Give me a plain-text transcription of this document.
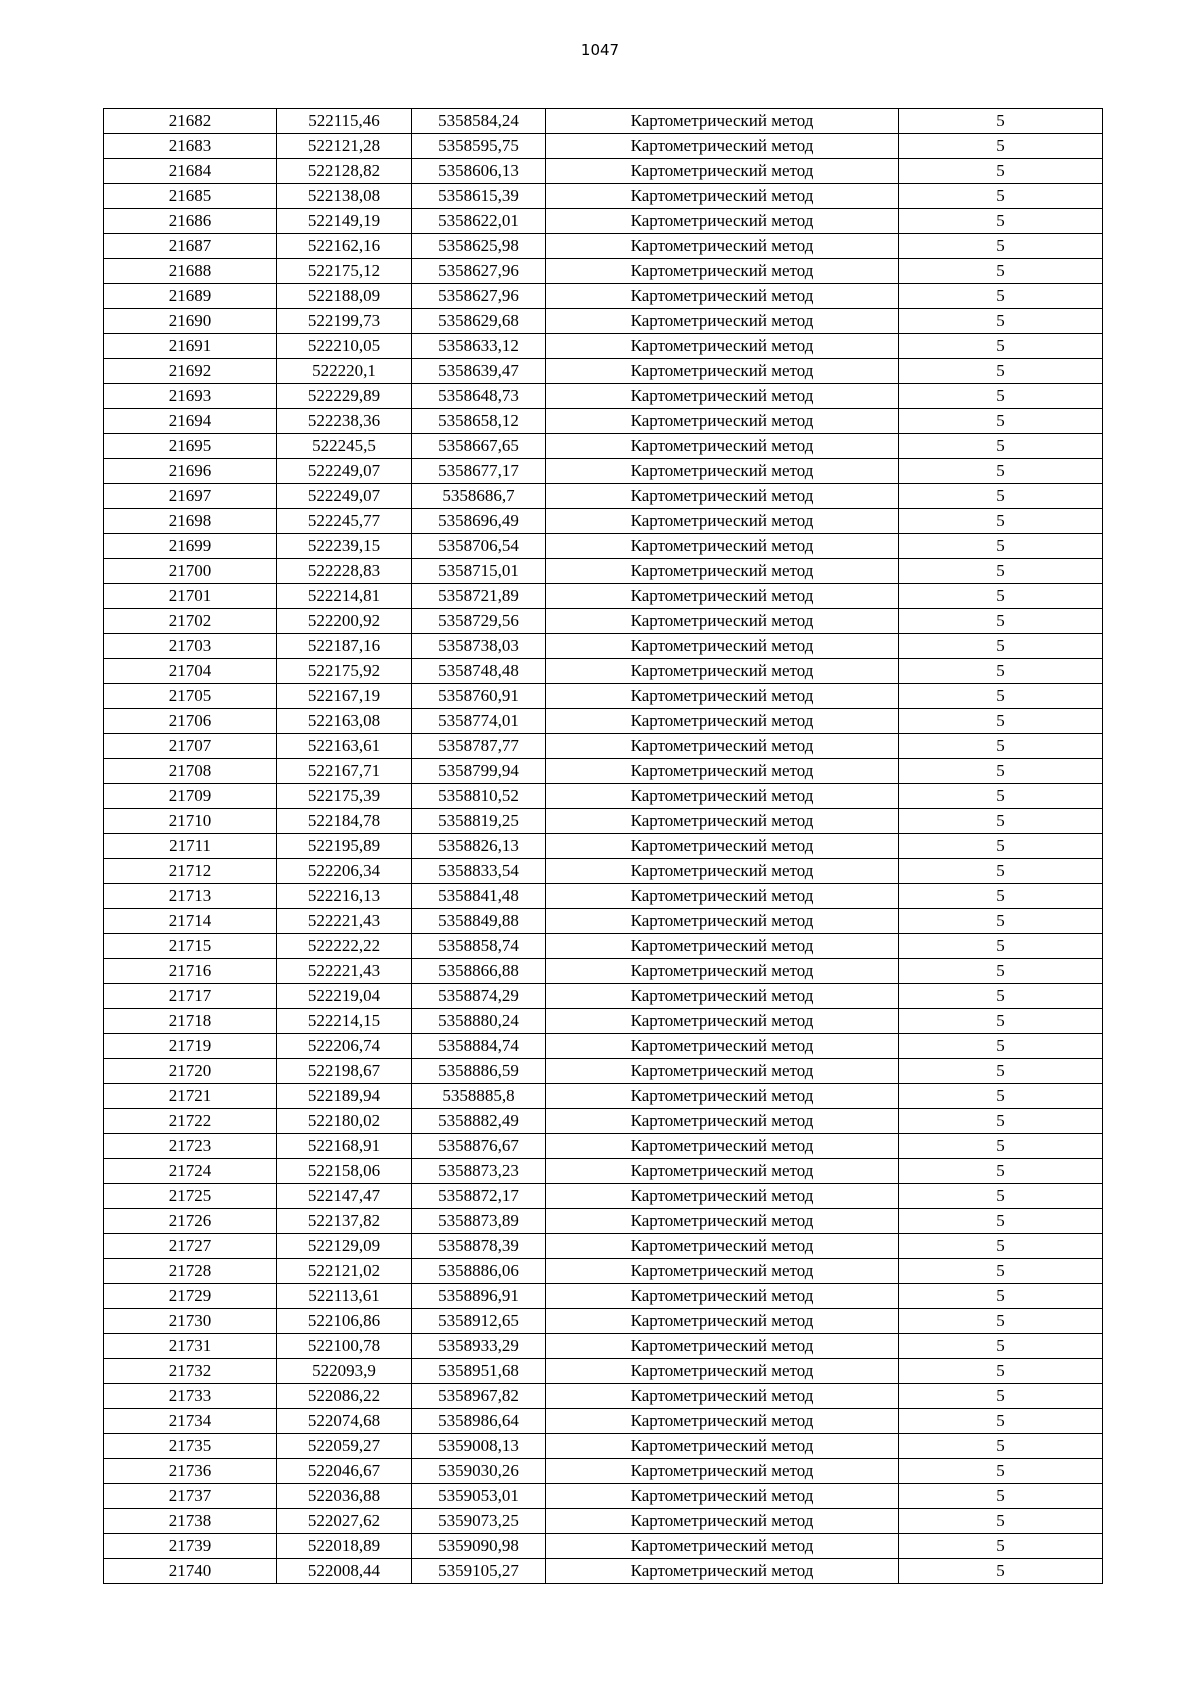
1047
21682	522115,46	5358584,24	Картометрический метод	5
21683	522121,28	5358595,75	Картометрический метод	5
21684	522128,82	5358606,13	Картометрический метод	5
21685	522138,08	5358615,39	Картометрический метод	5
21686	522149,19	5358622,01	Картометрический метод	5
21687	522162,16	5358625,98	Картометрический метод	5
21688	522175,12	5358627,96	Картометрический метод	5
21689	522188,09	5358627,96	Картометрический метод	5
21690	522199,73	5358629,68	Картометрический метод	5
21691	522210,05	5358633,12	Картометрический метод	5
21692	522220,1	5358639,47	Картометрический метод	5
21693	522229,89	5358648,73	Картометрический метод	5
21694	522238,36	5358658,12	Картометрический метод	5
21695	522245,5	5358667,65	Картометрический метод	5
21696	522249,07	5358677,17	Картометрический метод	5
21697	522249,07	5358686,7	Картометрический метод	5
21698	522245,77	5358696,49	Картометрический метод	5
21699	522239,15	5358706,54	Картометрический метод	5
21700	522228,83	5358715,01	Картометрический метод	5
21701	522214,81	5358721,89	Картометрический метод	5
21702	522200,92	5358729,56	Картометрический метод	5
21703	522187,16	5358738,03	Картометрический метод	5
21704	522175,92	5358748,48	Картометрический метод	5
21705	522167,19	5358760,91	Картометрический метод	5
21706	522163,08	5358774,01	Картометрический метод	5
21707	522163,61	5358787,77	Картометрический метод	5
21708	522167,71	5358799,94	Картометрический метод	5
21709	522175,39	5358810,52	Картометрический метод	5
21710	522184,78	5358819,25	Картометрический метод	5
21711	522195,89	5358826,13	Картометрический метод	5
21712	522206,34	5358833,54	Картометрический метод	5
21713	522216,13	5358841,48	Картометрический метод	5
21714	522221,43	5358849,88	Картометрический метод	5
21715	522222,22	5358858,74	Картометрический метод	5
21716	522221,43	5358866,88	Картометрический метод	5
21717	522219,04	5358874,29	Картометрический метод	5
21718	522214,15	5358880,24	Картометрический метод	5
21719	522206,74	5358884,74	Картометрический метод	5
21720	522198,67	5358886,59	Картометрический метод	5
21721	522189,94	5358885,8	Картометрический метод	5
21722	522180,02	5358882,49	Картометрический метод	5
21723	522168,91	5358876,67	Картометрический метод	5
21724	522158,06	5358873,23	Картометрический метод	5
21725	522147,47	5358872,17	Картометрический метод	5
21726	522137,82	5358873,89	Картометрический метод	5
21727	522129,09	5358878,39	Картометрический метод	5
21728	522121,02	5358886,06	Картометрический метод	5
21729	522113,61	5358896,91	Картометрический метод	5
21730	522106,86	5358912,65	Картометрический метод	5
21731	522100,78	5358933,29	Картометрический метод	5
21732	522093,9	5358951,68	Картометрический метод	5
21733	522086,22	5358967,82	Картометрический метод	5
21734	522074,68	5358986,64	Картометрический метод	5
21735	522059,27	5359008,13	Картометрический метод	5
21736	522046,67	5359030,26	Картометрический метод	5
21737	522036,88	5359053,01	Картометрический метод	5
21738	522027,62	5359073,25	Картометрический метод	5
21739	522018,89	5359090,98	Картометрический метод	5
21740	522008,44	5359105,27	Картометрический метод	5
